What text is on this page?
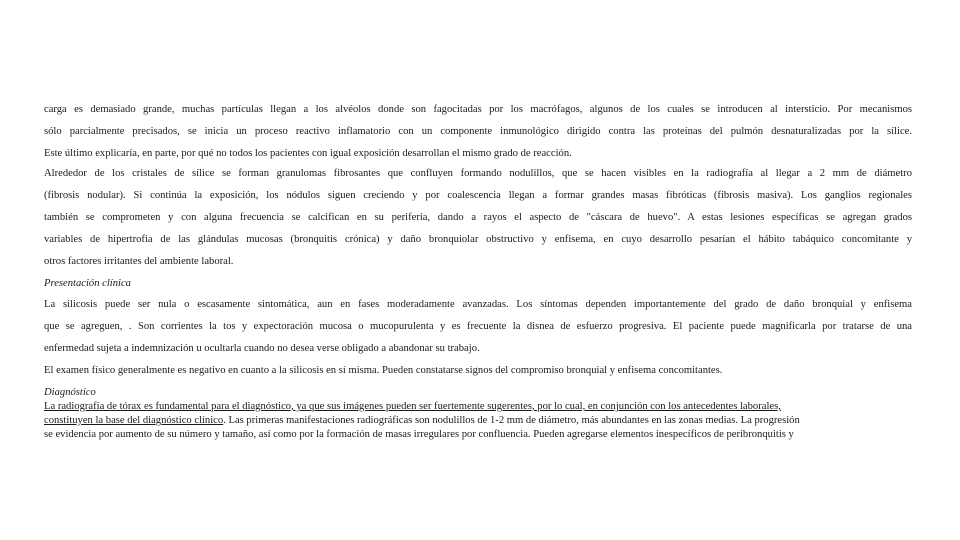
carga es demasiado grande, muchas partículas llegan a los alvéolos donde son fagocitadas por los macrófagos, algunos de los cuales se introducen al intersticio. Por mecanismos
sólo parcialmente precisados, se inicia un proceso reactivo inflamatorio con un componente inmunológico dirigido contra las proteínas del pulmón desnaturalizadas por la sílice.
Este último explicaría, en parte, por qué no todos los pacientes con igual exposición desarrollan el mismo grado de reacción.
Alrededor de los cristales de sílice se forman granulomas fibrosantes que confluyen formando nodulillos, que se hacen visibles en la radiografía al llegar a 2 mm de diámetro
(fibrosis nodular). Si continúa la exposición, los nódulos siguen creciendo y por coalescencia llegan a formar grandes masas fibróticas (fibrosis masiva). Los ganglios regionales
también se comprometen y con alguna frecuencia se calcifican en su periferia, dando a rayos el aspecto de "cáscara de huevo". A estas lesiones específicas se agregan grados
variables de hipertrofia de las glándulas mucosas (bronquitis crónica) y daño bronquiolar obstructivo y enfisema, en cuyo desarrollo pesarían el hábito tabáquico concomitante y
otros factores irritantes del ambiente laboral.
Presentación clínica
La silicosis puede ser nula o escasamente sintomática, aun en fases moderadamente avanzadas. Los síntomas dependen importantemente del grado de daño bronquial y enfisema
que se agreguen, . Son corrientes la tos y expectoración mucosa o mucopurulenta y es frecuente la disnea de esfuerzo progresiva. El paciente puede magnificarla por tratarse de una
enfermedad sujeta a indemnización u ocultarla cuando no desea verse obligado a abandonar su trabajo.
El examen físico generalmente es negativo en cuanto a la silicosis en sí misma. Pueden constatarse signos del compromiso bronquial y enfisema concomitantes.
Diagnóstico
La radiografía de tórax es fundamental para el diagnóstico, ya que sus imágenes pueden ser fuertemente sugerentes, por lo cual, en conjunción con los antecedentes laborales,
constituyen la base del diagnóstico clínico. Las primeras manifestaciones radiográficas son nodulillos de 1-2 mm de diámetro, más abundantes en las zonas medias. La progresión
se evidencia por aumento de su número y tamaño, así como por la formación de masas irregulares por confluencia. Pueden agregarse elementos inespecíficos de peribronquitis y
